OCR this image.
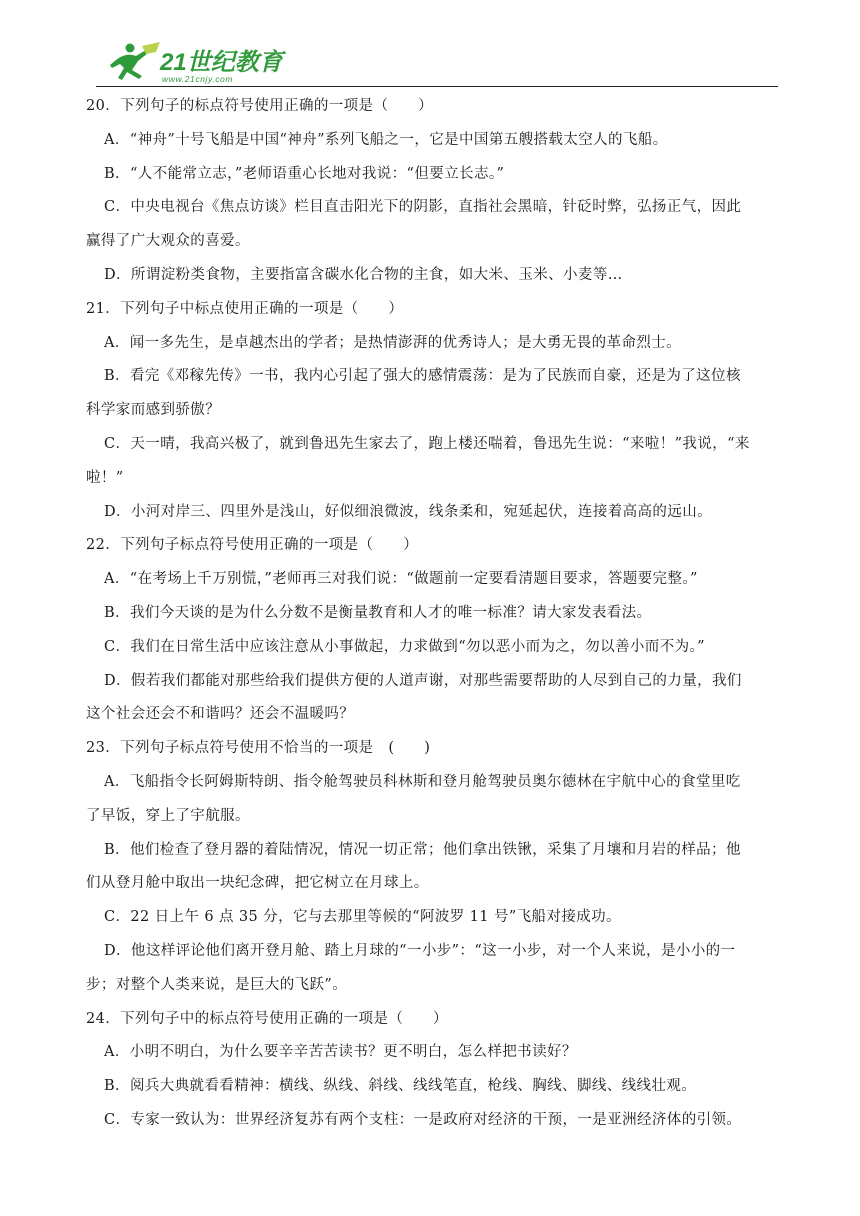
21世纪教育
www.21cnjy.com
20．下列句子的标点符号使用正确的一项是（　　）
A．“神舟”十号飞船是中国“神舟”系列飞船之一，它是中国第五艘搭载太空人的飞船。
B．“人不能常立志，”老师语重心长地对我说：“但要立长志。”
C．中央电视台《焦点访谈》栏目直击阳光下的阴影，直指社会黑暗，针砭时弊，弘扬正气，因此
赢得了广大观众的喜爱。
D．所谓淀粉类食物，主要指富含碳水化合物的主食，如大米、玉米、小麦等…
21．下列句子中标点使用正确的一项是（　　）
A．闻一多先生，是卓越杰出的学者；是热情澎湃的优秀诗人；是大勇无畏的革命烈士。
B．看完《邓稼先传》一书，我内心引起了强大的感情震荡：是为了民族而自豪，还是为了这位核
科学家而感到骄傲？
C．天一晴，我高兴极了，就到鲁迅先生家去了，跑上楼还喘着，鲁迅先生说：“来啦！”我说，“来
啦！”
D．小河对岸三、四里外是浅山，好似细浪微波，线条柔和，宛延起伏，连接着高高的远山。
22．下列句子标点符号使用正确的一项是（　　）
A．“在考场上千万别慌，”老师再三对我们说：“做题前一定要看清题目要求，答题要完整。”
B．我们今天谈的是为什么分数不是衡量教育和人才的唯一标准？请大家发表看法。
C．我们在日常生活中应该注意从小事做起，力求做到“勿以恶小而为之，勿以善小而不为。”
D．假若我们都能对那些给我们提供方便的人道声谢，对那些需要帮助的人尽到自己的力量，我们
这个社会还会不和谐吗？还会不温暖吗？
23．下列句子标点符号使用不恰当的一项是　(　　)
A．飞船指令长阿姆斯特朗、指令舱驾驶员科林斯和登月舱驾驶员奥尔德林在宇航中心的食堂里吃
了早饭，穿上了宇航服。
B．他们检查了登月器的着陆情况，情况一切正常；他们拿出铁锹，采集了月壤和月岩的样品；他
们从登月舱中取出一块纪念碑，把它树立在月球上。
C．22 日上午 6 点 35 分，它与去那里等候的“阿波罗 11 号”飞船对接成功。
D．他这样评论他们离开登月舱、踏上月球的“一小步”：“这一小步，对一个人来说，是小小的一
步；对整个人类来说，是巨大的飞跃”。
24．下列句子中的标点符号使用正确的一项是（　　）
A．小明不明白，为什么要辛辛苦苦读书？更不明白，怎么样把书读好？
B．阅兵大典就看看精神：横线、纵线、斜线、线线笔直，枪线、胸线、脚线、线线壮观。
C．专家一致认为：世界经济复苏有两个支柱：一是政府对经济的干预，一是亚洲经济体的引领。
